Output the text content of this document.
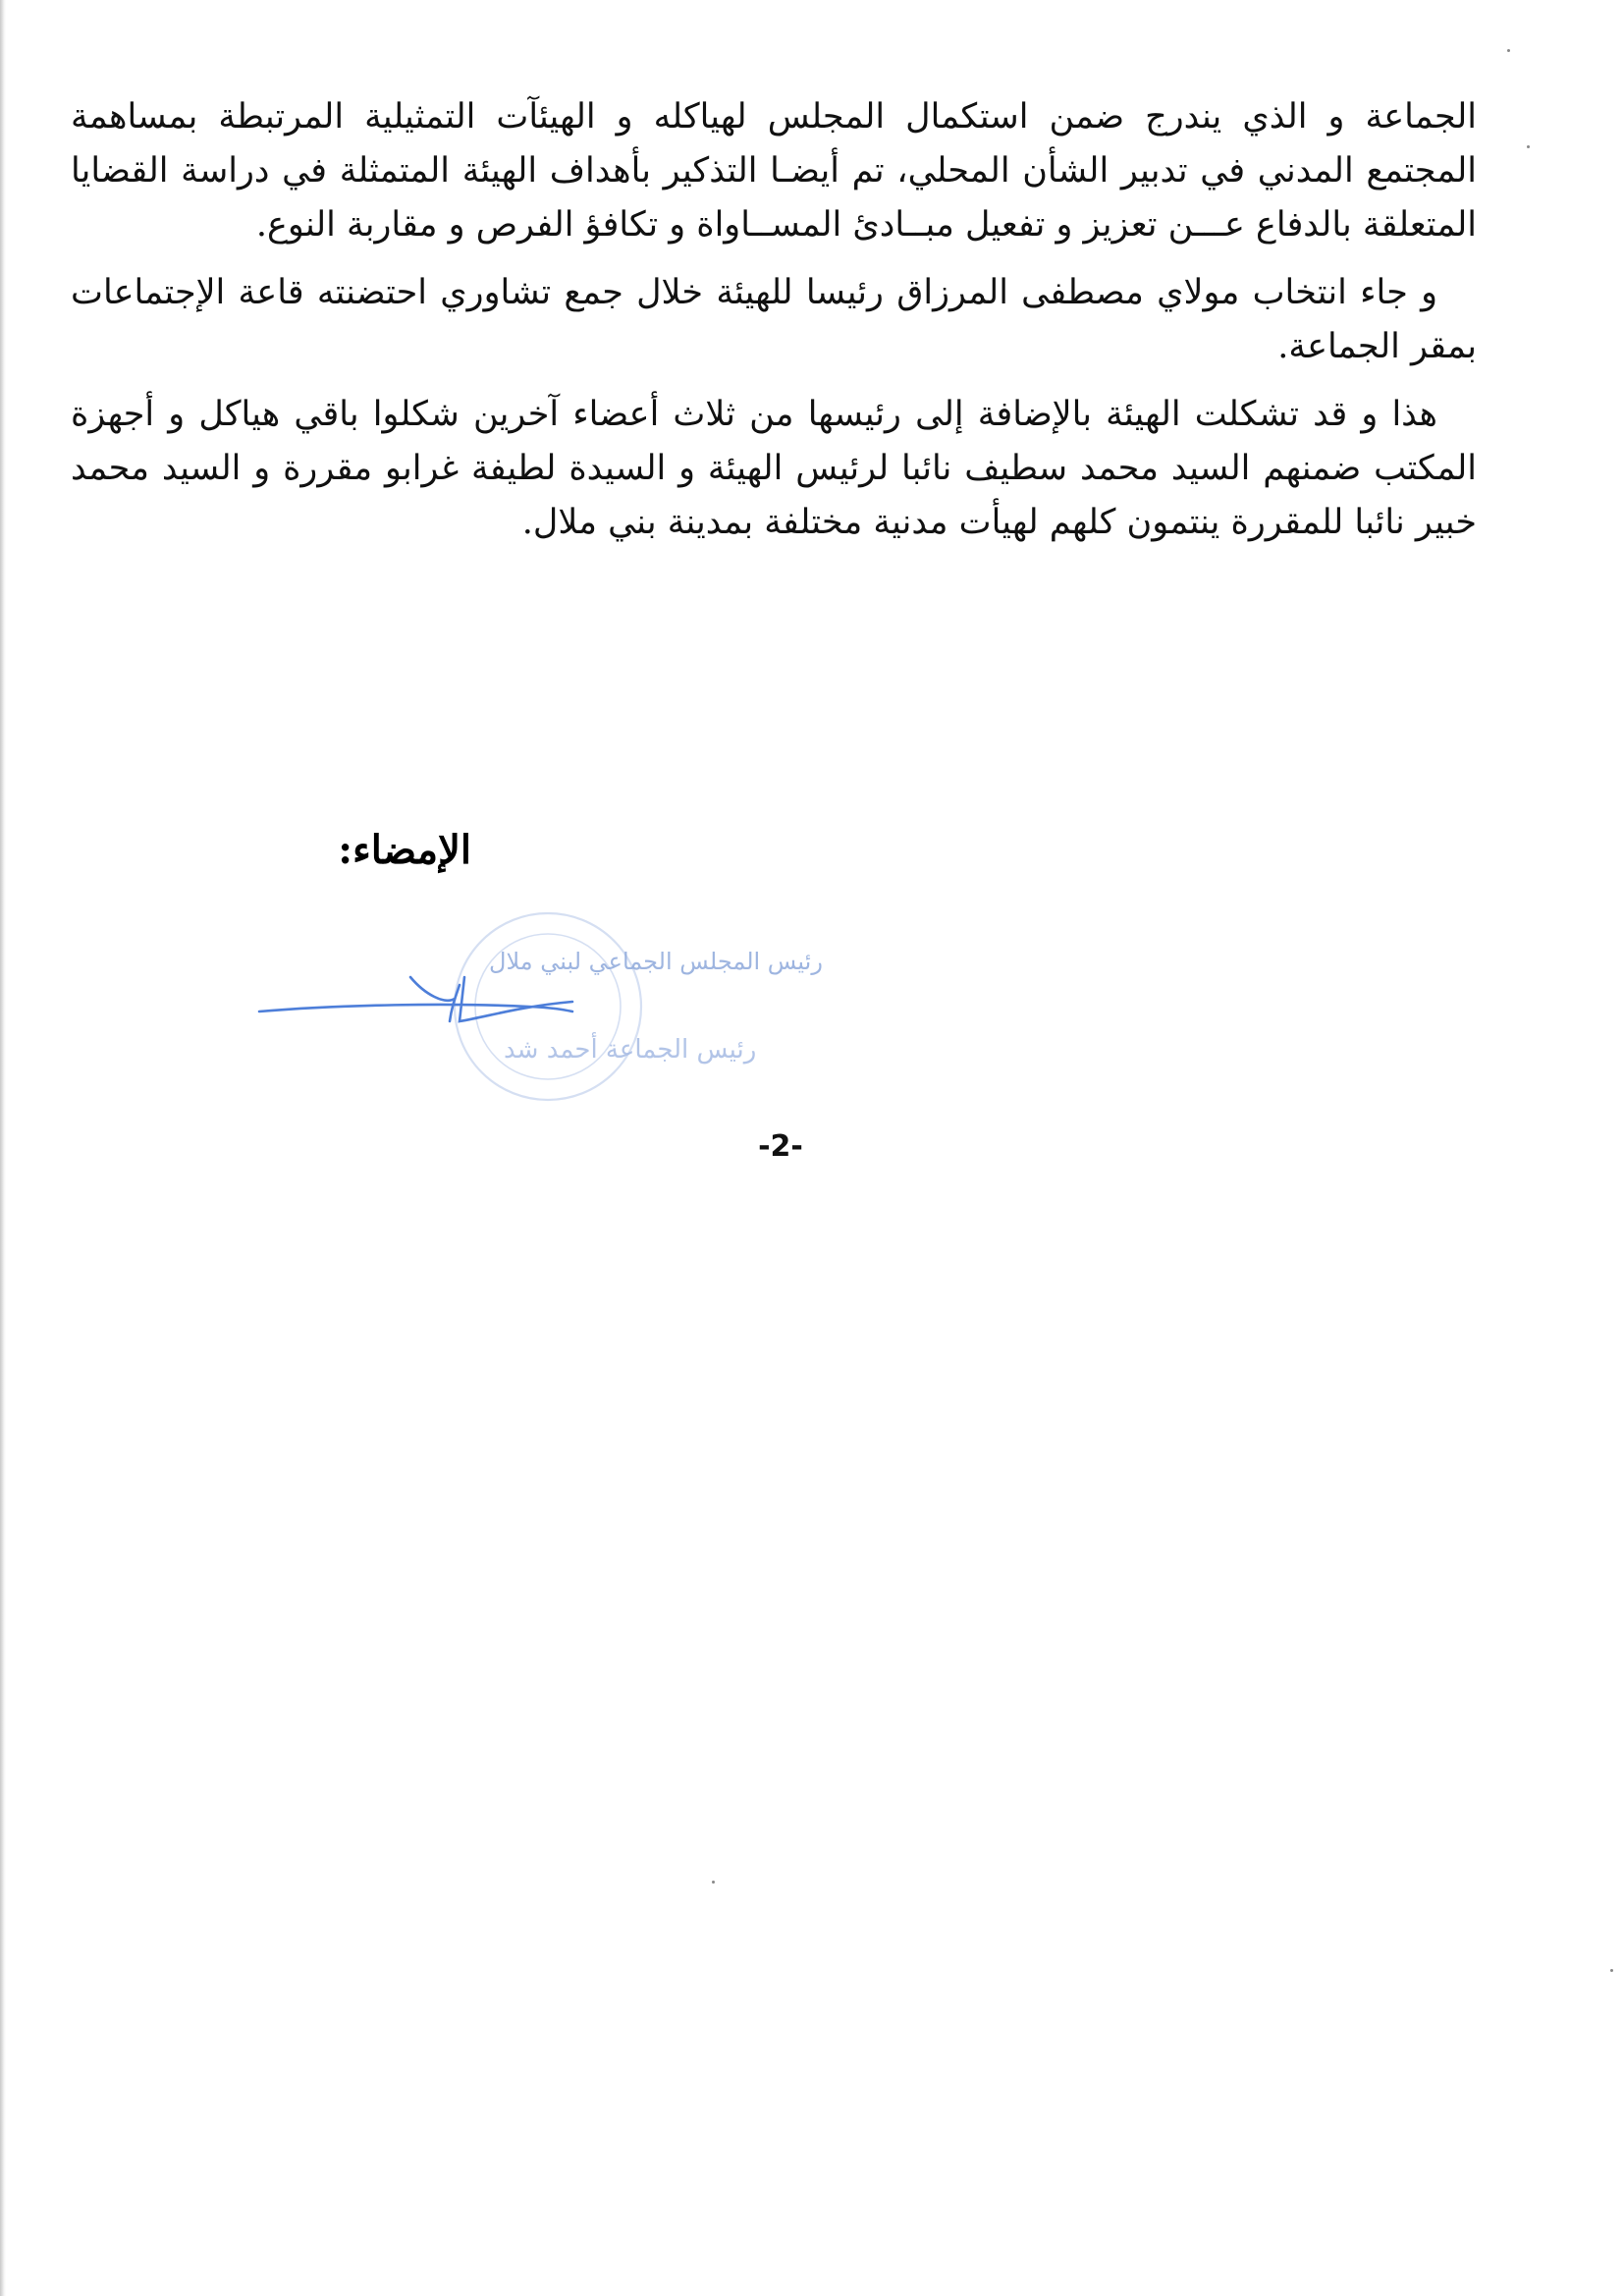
الجماعة و الذي يندرج ضمن استكمال المجلس لهياكله و الهيئآت التمثيلية المرتبطة بمساهمة المجتمع المدني في تدبير الشأن المحلي، تم أيضـا التذكير بأهداف الهيئة المتمثلة في دراسة القضايا المتعلقة بالدفاع عـــن تعزيز و تفعيل مبــادئ المســاواة و تكافؤ الفرص و مقاربة النوع.

و جاء انتخاب مولاي مصطفى المرزاق رئيسا للهيئة خلال جمع تشاوري احتضنته قاعة الإجتماعات بمقر الجماعة.

هذا و قد تشكلت الهيئة بالإضافة إلى رئيسها من ثلاث أعضاء آخرين شكلوا باقي هياكل و أجهزة المكتب ضمنهم السيد محمد سطيف نائبا لرئيس الهيئة و السيدة لطيفة غرابو مقررة و السيد محمد خبير نائبا للمقررة ينتمون كلهم لهيأت مدنية مختلفة بمدينة بني ملال.

الإمضاء:
رئيس المجلس الجماعي لبني ملال
رئيس الجماعة أحمد شد
-2-
